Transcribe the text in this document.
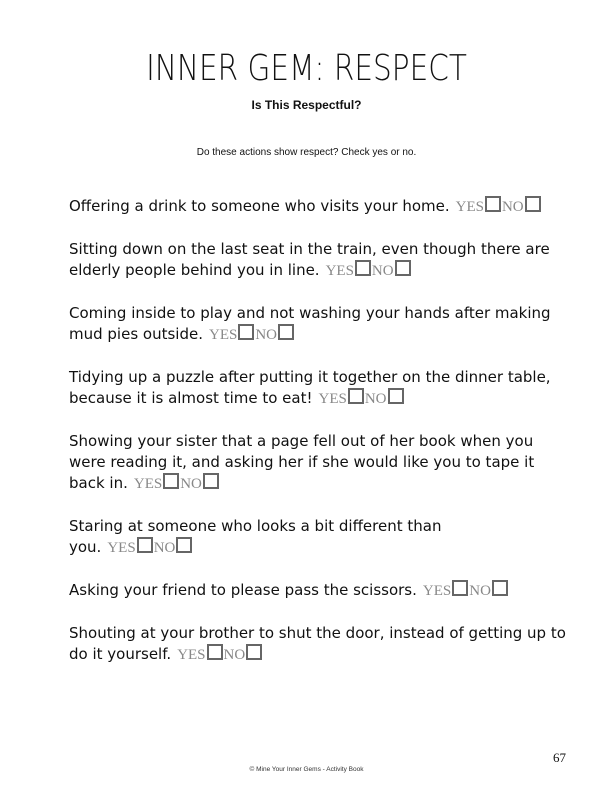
INNER GEM: RESPECT
Is This Respectful?
Do these actions show respect? Check yes or no.
Offering a drink to someone who visits your home. YES NO
Sitting down on the last seat in the train, even though there are elderly people behind you in line. YES NO
Coming inside to play and not washing your hands after making mud pies outside. YES NO
Tidying up a puzzle after putting it together on the dinner table, because it is almost time to eat! YES NO
Showing your sister that a page fell out of her book when you were reading it, and asking her if she would like you to tape it back in. YES NO
Staring at someone who looks a bit different than you. YES NO
Asking your friend to please pass the scissors. YES NO
Shouting at your brother to shut the door, instead of getting up to do it yourself. YES NO
67
© Mine Your Inner Gems - Activity Book
